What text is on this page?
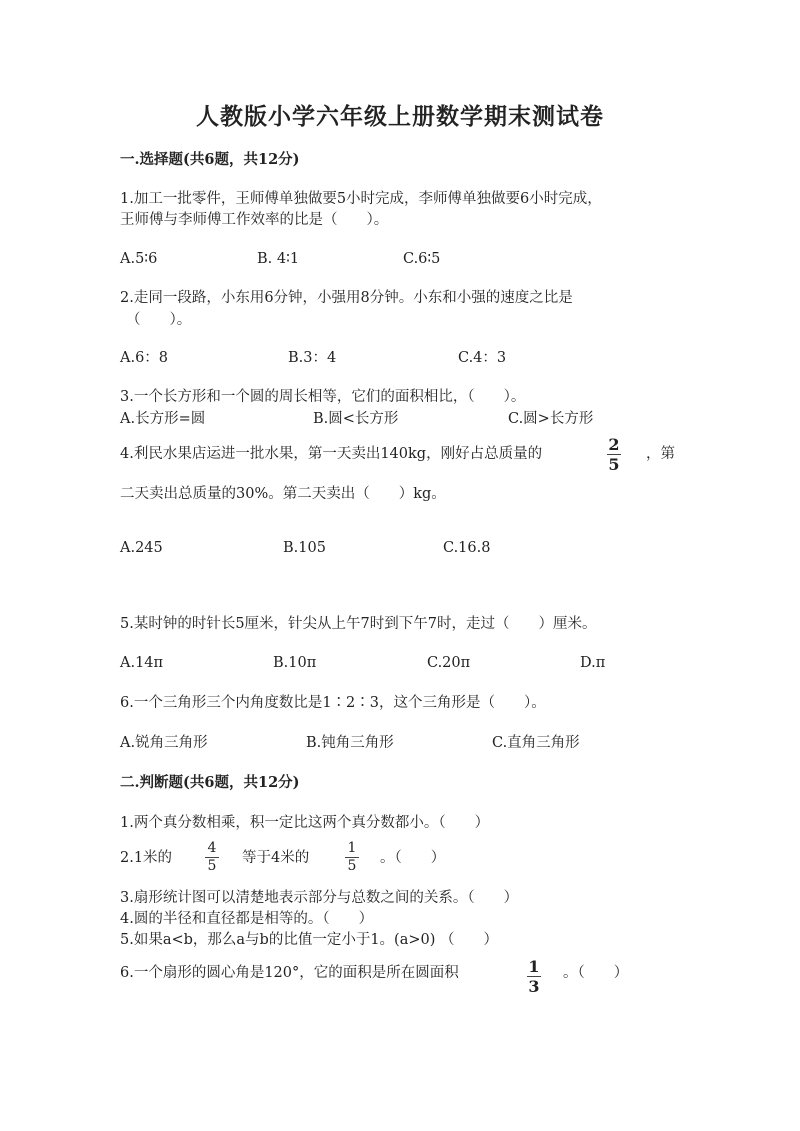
人教版小学六年级上册数学期末测试卷
一.选择题(共6题，共12分)
1.加工一批零件，王师傅单独做要5小时完成，李师傅单独做要6小时完成，
王师傅与李师傅工作效率的比是（　　）。
A.5∶6	B. 4∶1	C.6∶5
2.走同一段路，小东用6分钟，小强用8分钟。小东和小强的速度之比是
（　　）。
A.6：8	B.3：4	C.4：3
3.一个长方形和一个圆的周长相等，它们的面积相比，（　　）。
A.长方形=圆	B.圆<长方形	C.圆>长方形
4.利民水果店运进一批水果，第一天卖出140kg，刚好占总质量的	2
5
，第
二天卖出总质量的30%。第二天卖出（　　）kg。
A.245	B.105	C.16.8
5.某时钟的时针长5厘米，针尖从上午7时到下午7时，走过（　　）厘米。
A.14π	B.10π	C.20π	D.π
6.一个三角形三个内角度数比是1∶2∶3，这个三角形是（　　）。
A.锐角三角形	B.钝角三角形	C.直角三角形
二.判断题(共6题，共12分)
1.两个真分数相乘，积一定比这两个真分数都小。（　　）
2.1米的
4
5	等于4米的
1
5	。（　　）
3.扇形统计图可以清楚地表示部分与总数之间的关系。（　　）
4.圆的半径和直径都是相等的。（　　）
5.如果a<b，那么a与b的比值一定小于1。(a>0) （　　）
6.一个扇形的圆心角是120°，它的面积是所在圆面积	1
3
。（　　）
